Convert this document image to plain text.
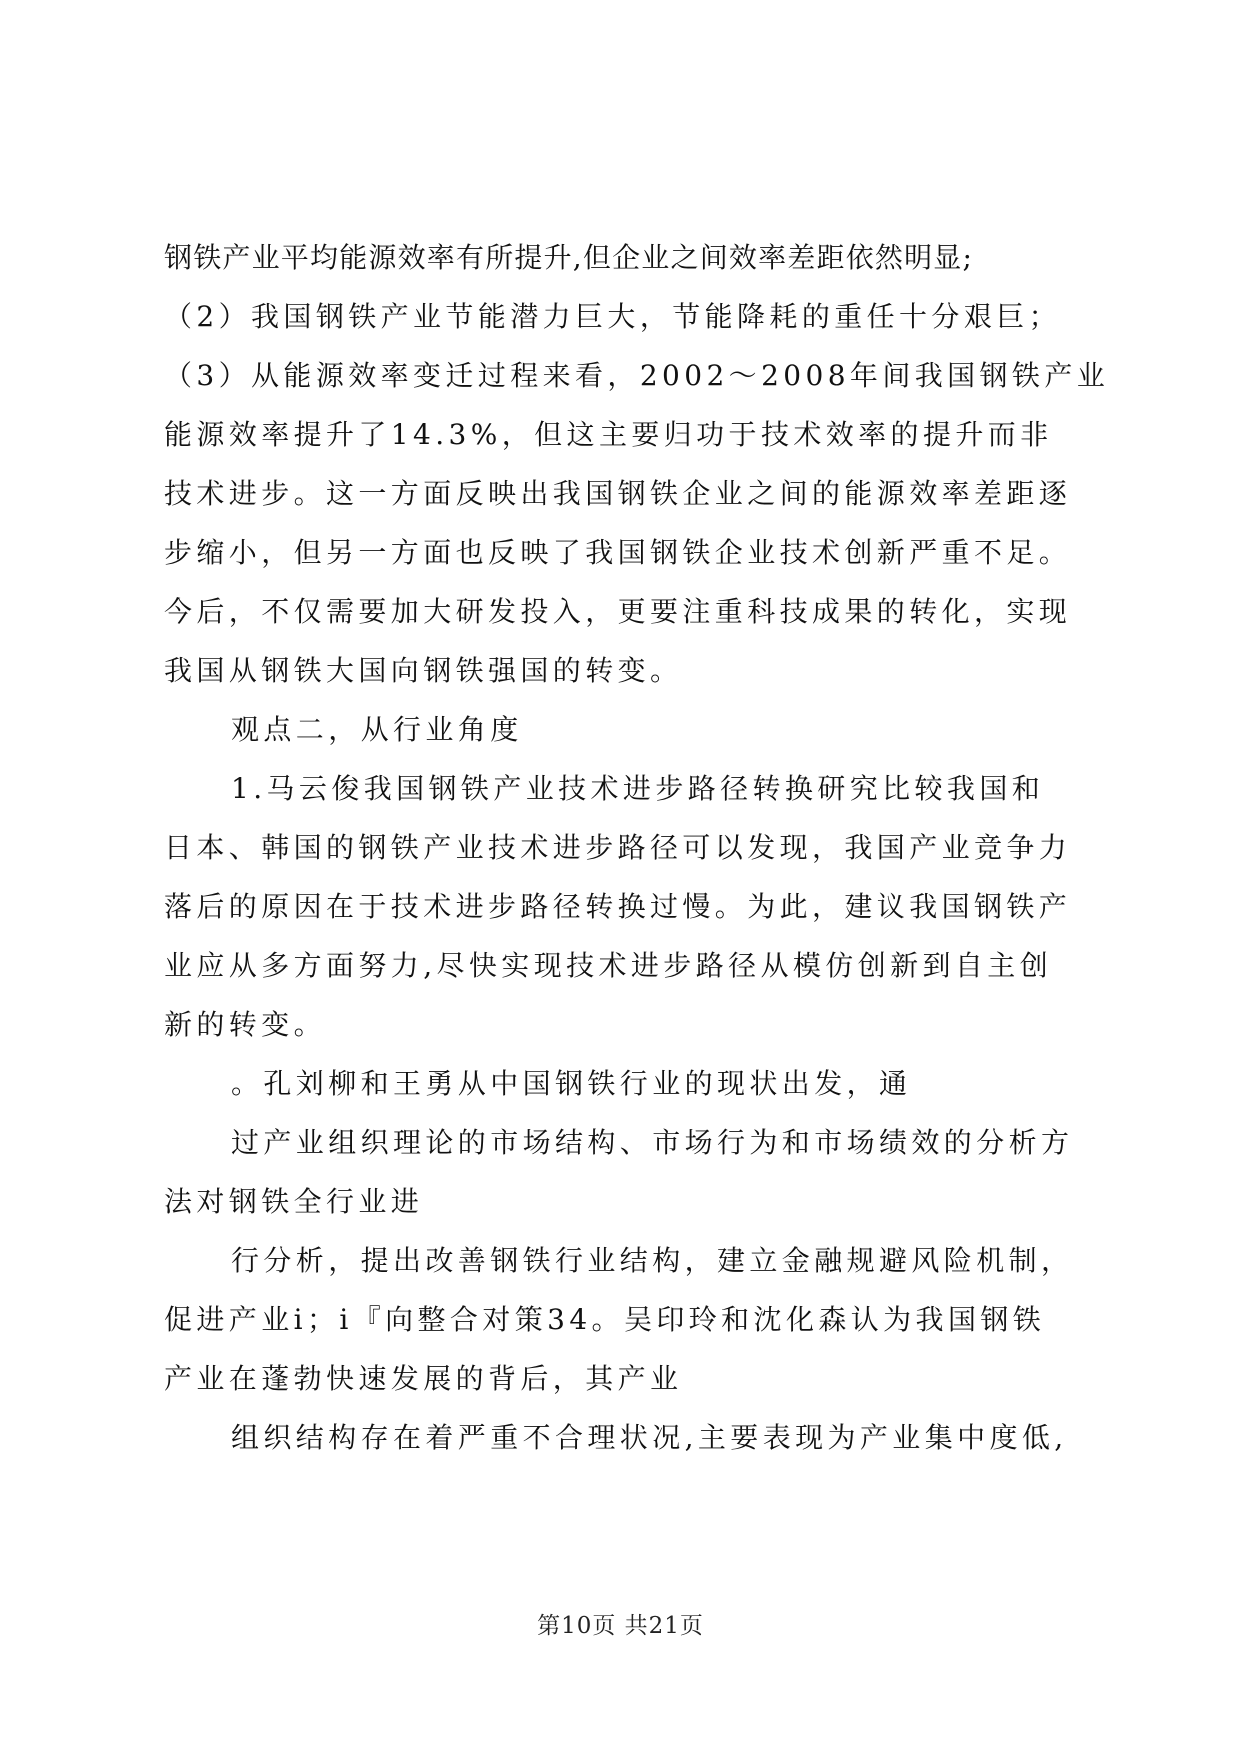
钢铁产业平均能源效率有所提升,但企业之间效率差距依然明显;
（2）我国钢铁产业节能潜力巨大，节能降耗的重任十分艰巨；
（3）从能源效率变迁过程来看，2002～2008年间我国钢铁产业
能源效率提升了14.3%，但这主要归功于技术效率的提升而非
技术进步。这一方面反映出我国钢铁企业之间的能源效率差距逐
步缩小，但另一方面也反映了我国钢铁企业技术创新严重不足。
今后，不仅需要加大研发投入，更要注重科技成果的转化，实现
我国从钢铁大国向钢铁强国的转变。
观点二，从行业角度
1.马云俊我国钢铁产业技术进步路径转换研究比较我国和
日本、韩国的钢铁产业技术进步路径可以发现，我国产业竞争力
落后的原因在于技术进步路径转换过慢。为此，建议我国钢铁产
业应从多方面努力,尽快实现技术进步路径从模仿创新到自主创
新的转变。
。孔刘柳和王勇从中国钢铁行业的现状出发，通
过产业组织理论的市场结构、市场行为和市场绩效的分析方
法对钢铁全行业进
行分析，提出改善钢铁行业结构，建立金融规避风险机制，
促进产业i；i『向整合对策34。吴印玲和沈化森认为我国钢铁
产业在蓬勃快速发展的背后，其产业
组织结构存在着严重不合理状况,主要表现为产业集中度低,
第10页 共21页
